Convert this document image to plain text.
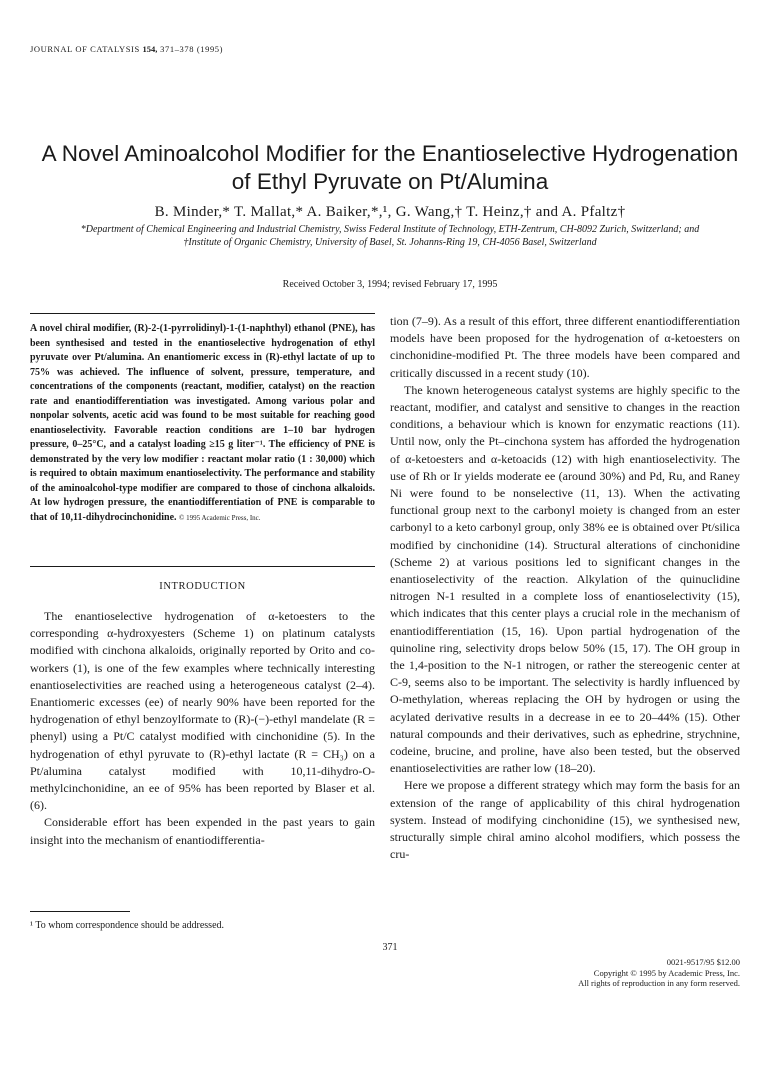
JOURNAL OF CATALYSIS 154, 371–378 (1995)
A Novel Aminoalcohol Modifier for the Enantioselective Hydrogenation of Ethyl Pyruvate on Pt/Alumina
B. Minder,* T. Mallat,* A. Baiker,*,¹, G. Wang,† T. Heinz,† and A. Pfaltz†
*Department of Chemical Engineering and Industrial Chemistry, Swiss Federal Institute of Technology, ETH-Zentrum, CH-8092 Zurich, Switzerland; and †Institute of Organic Chemistry, University of Basel, St. Johanns-Ring 19, CH-4056 Basel, Switzerland
Received October 3, 1994; revised February 17, 1995
A novel chiral modifier, (R)-2-(1-pyrrolidinyl)-1-(1-naphthyl) ethanol (PNE), has been synthesised and tested in the enantioselective hydrogenation of ethyl pyruvate over Pt/alumina. An enantiomeric excess in (R)-ethyl lactate of up to 75% was achieved. The influence of solvent, pressure, temperature, and concentrations of the components (reactant, modifier, catalyst) on the reaction rate and enantiodifferentiation was investigated. Among various polar and nonpolar solvents, acetic acid was found to be most suitable for reaching good enantioselectivity. Favorable reaction conditions are 1–10 bar hydrogen pressure, 0–25°C, and a catalyst loading ≥15 g liter⁻¹. The efficiency of PNE is demonstrated by the very low modifier : reactant molar ratio (1 : 30,000) which is required to obtain maximum enantioselectivity. The performance and stability of the aminoalcohol-type modifier are compared to those of cinchona alkaloids. At low hydrogen pressure, the enantiodifferentiation of PNE is comparable to that of 10,11-dihydrocinchonidine. © 1995 Academic Press, Inc.
INTRODUCTION

The enantioselective hydrogenation of α-ketoesters to the corresponding α-hydroxyesters (Scheme 1) on platinum catalysts modified with cinchona alkaloids, originally reported by Orito and co-workers (1), is one of the few examples where technically interesting enantioselectivities are reached using a heterogeneous catalyst (2–4). Enantiomeric excesses (ee) of nearly 90% have been reported for the hydrogenation of ethyl benzoylformate to (R)-(−)-ethyl mandelate (R = phenyl) using a Pt/C catalyst modified with cinchonidine (5). In the hydrogenation of ethyl pyruvate to (R)-ethyl lactate (R = CH₃) on a Pt/alumina catalyst modified with 10,11-dihydro-O-methylcinchonidine, an ee of 95% has been reported by Blaser et al. (6).

Considerable effort has been expended in the past years to gain insight into the mechanism of enantiodifferentia-

¹ To whom correspondence should be addressed.

tion (7–9). As a result of this effort, three different enantiodifferentiation models have been proposed for the hydrogenation of α-ketoesters on cinchonidine-modified Pt. The three models have been compared and critically discussed in a recent study (10).

The known heterogeneous catalyst systems are highly specific to the reactant, modifier, and catalyst and sensitive to changes in the reaction conditions, a behaviour which is known for enzymatic reactions (11). Until now, only the Pt–cinchona system has afforded the hydrogenation of α-ketoesters and α-ketoacids (12) with high enantioselectivity. The use of Rh or Ir yields moderate ee (around 30%) and Pd, Ru, and Raney Ni were found to be nonselective (11, 13). When the activating functional group next to the carbonyl moiety is changed from an ester carbonyl to a keto carbonyl group, only 38% ee is obtained over Pt/silica modified by cinchonidine (14). Structural alterations of cinchonidine (Scheme 2) at various positions led to significant changes in the enantioselectivity of the reaction. Alkylation of the quinuclidine nitrogen N-1 resulted in a complete loss of enantioselectivity (15), which indicates that this center plays a crucial role in the mechanism of enantiodifferentiation (15, 16). Upon partial hydrogenation of the quinoline ring, selectivity drops below 50% (15, 17). The OH group in the 1,4-position to the N-1 nitrogen, or rather the stereogenic center at C-9, seems also to be important. The selectivity is hardly influenced by O-methylation, whereas replacing the OH by hydrogen or using the acylated derivative results in a decrease in ee to 20–44% (15). Other natural compounds and their derivatives, such as ephedrine, strychnine, codeine, brucine, and proline, have also been tested, but the observed enantioselectivities are rather low (18–20).

Here we propose a different strategy which may form the basis for an extension of the range of applicability of this chiral hydrogenation system. Instead of modifying cinchonidine (15), we synthesised new, structurally simple chiral amino alcohol modifiers, which possess the cru-

371
0021-9517/95 $12.00
Copyright © 1995 by Academic Press, Inc.
All rights of reproduction in any form reserved.
